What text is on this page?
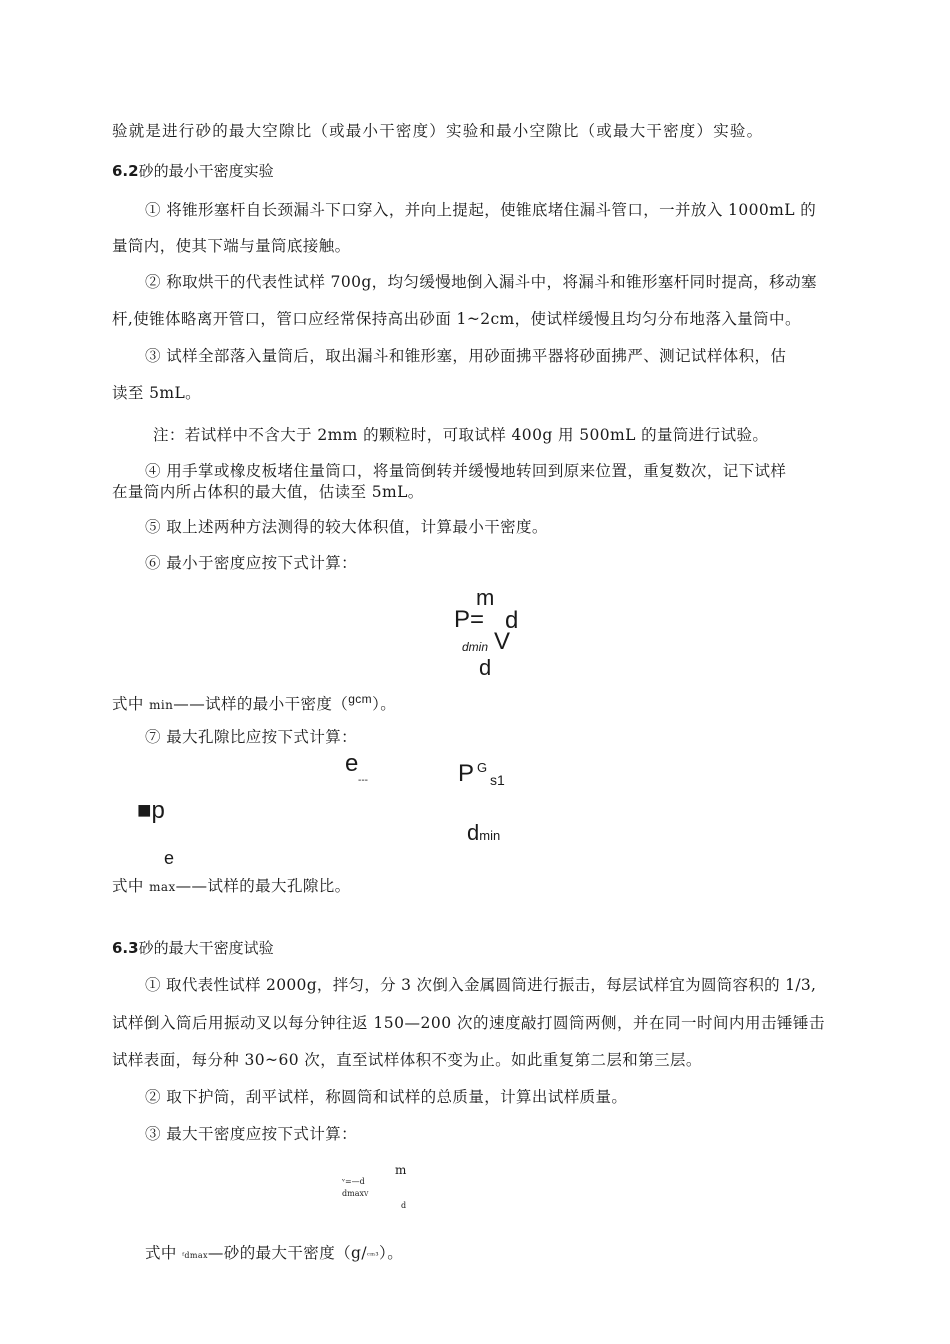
验就是进行砂的最大空隙比（或最小干密度）实验和最小空隙比（或最大干密度）实验。
6.2砂的最小干密度实验
① 将锥形塞杆自长颈漏斗下口穿入，并向上提起，使锥底堵住漏斗管口，一并放入 1000mL 的
量筒内，使其下端与量筒底接触。
② 称取烘干的代表性试样 700g，均匀缓慢地倒入漏斗中，将漏斗和锥形塞杆同时提高，移动塞
杆,使锥体略离开管口，管口应经常保持高出砂面 1~2cm，使试样缓慢且均匀分布地落入量筒中。
③ 试样全部落入量筒后，取出漏斗和锥形塞，用砂面拂平器将砂面拂严、测记试样体积，估
读至 5mL。
注：若试样中不含大于 2mm 的颗粒时，可取试样 400g 用 500mL 的量筒进行试验。
④ 用手掌或橡皮板堵住量筒口，将量筒倒转并缓慢地转回到原来位置，重复数次，记下试样
在量筒内所占体积的最大值，估读至 5mL。
⑤ 取上述两种方法测得的较大体积值，计算最小干密度。
⑥ 最小于密度应按下式计算：
m
P= d
dmin V
d
式中 min——试样的最小干密度（$^{gcm}$）。
⑦ 最大孔隙比应按下式计算：
e
---	P G
s1
■p
dmin
e
式中 max——试样的最大孔隙比。
6.3砂的最大干密度试验
① 取代表性试样 2000g，拌匀，分 3 次倒入金属圆筒进行振击，每层试样宜为圆筒容积的 1/3,
试样倒入筒后用振动叉以每分钟往返 150—200 次的速度敲打圆筒两侧，并在同一时间内用击锤锤击
试样表面，每分种 30~60 次，直至试样体积不变为止。如此重复第二层和第三层。
② 取下护筒，刮平试样，称圆筒和试样的总质量，计算出试样质量。
③ 最大干密度应按下式计算：
m
ᵛ=—d
dmaxV
d
式中 ᶠdmax—砂的最大干密度（g/ᶜᵐ³）。
